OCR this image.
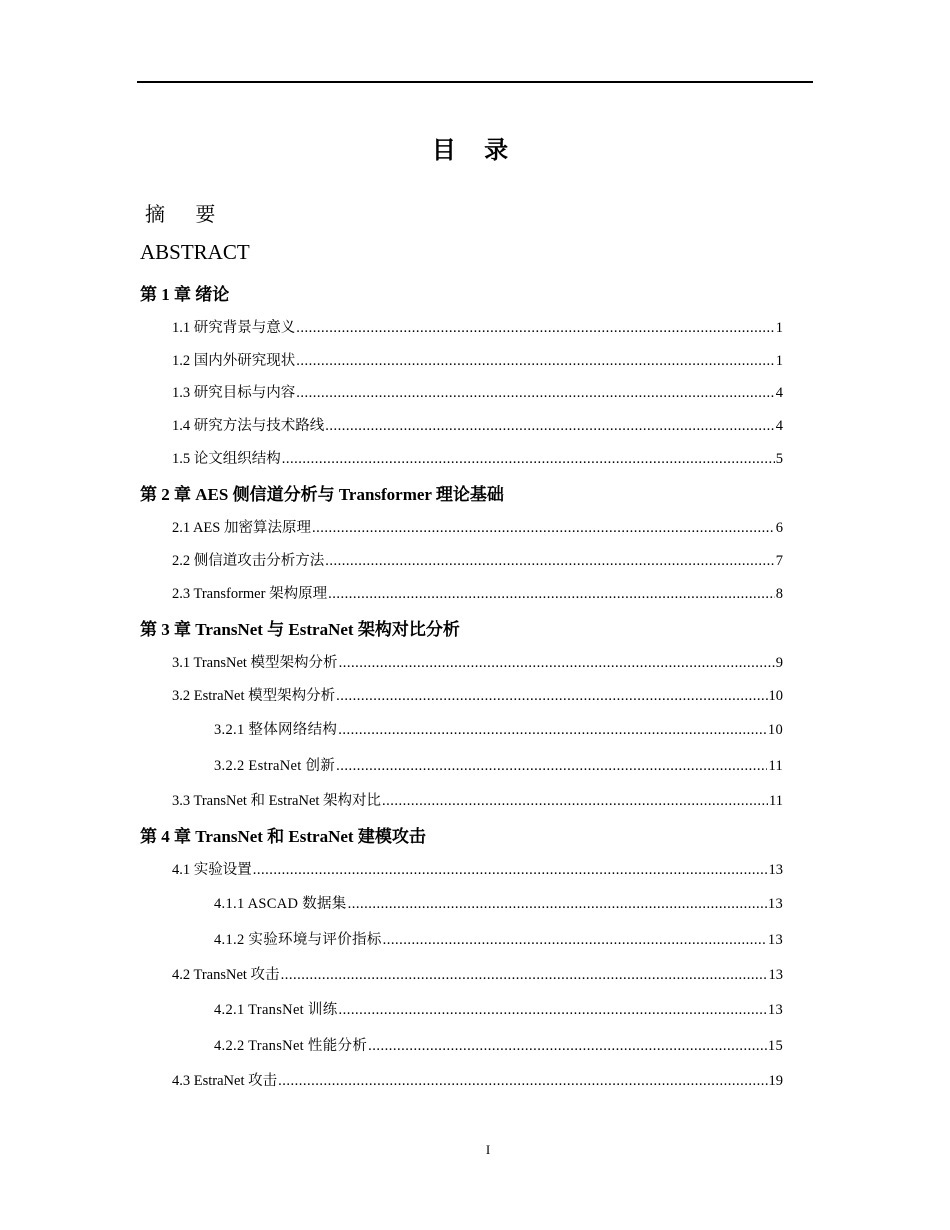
目 录
摘 要
ABSTRACT
第 1 章 绪论
1.1 研究背景与意义 .....	1
1.2 国内外研究现状 .....	1
1.3 研究目标与内容 .....	4
1.4 研究方法与技术路线 .....	4
1.5 论文组织结构 .....	5
第 2 章 AES 侧信道分析与 Transformer 理论基础
2.1 AES 加密算法原理 .....	6
2.2 侧信道攻击分析方法 .....	7
2.3 Transformer 架构原理 .....	8
第 3 章 TransNet 与 EstraNet 架构对比分析
3.1 TransNet 模型架构分析 .....	9
3.2 EstraNet 模型架构分析 .....	10
3.2.1 整体网络结构 .....	10
3.2.2 EstraNet 创新 .....	11
3.3 TransNet 和 EstraNet 架构对比 .....	11
第 4 章 TransNet 和 EstraNet 建模攻击
4.1 实验设置 .....	13
4.1.1 ASCAD 数据集 .....	13
4.1.2 实验环境与评价指标 .....	13
4.2 TransNet 攻击 .....	13
4.2.1 TransNet 训练 .....	13
4.2.2 TransNet 性能分析 .....	15
4.3 EstraNet 攻击 .....	19
I
